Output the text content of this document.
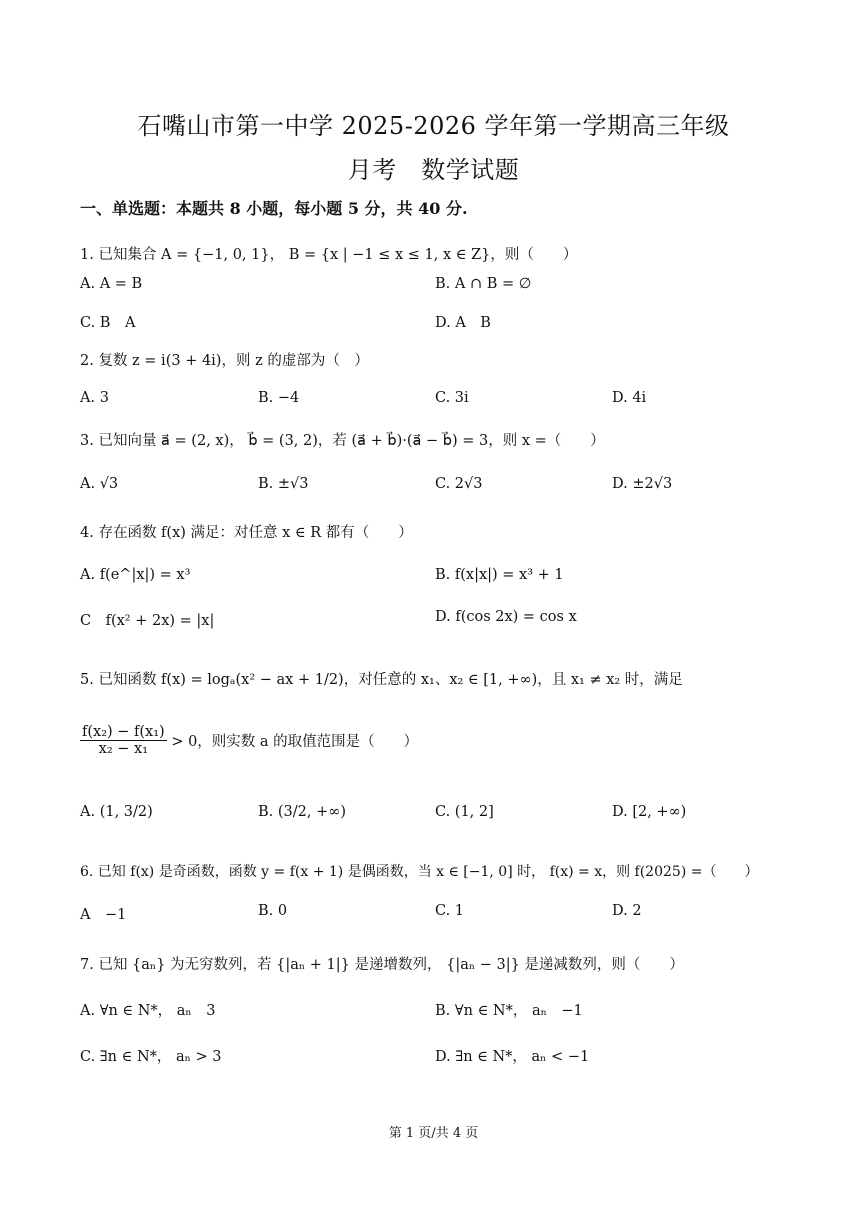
石嘴山市第一中学 2025-2026 学年第一学期高三年级
月考　数学试题
一、单选题：本题共 8 小题，每小题 5 分，共 40 分.
1. 已知集合 A = {−1, 0, 1}， B = {x | −1 ≤ x ≤ 1, x ∈ Z}，则（　　）
A. A = B	B. A ∩ B = ∅
C. B　A	D. A　B
2. 复数 z = i(3 + 4i)，则 z 的虚部为（　）
A. 3	B. −4	C. 3i	D. 4i
3. 已知向量 a⃗ = (2, x)， b⃗ = (3, 2)，若 (a⃗ + b⃗)·(a⃗ − b⃗) = 3，则 x =（　　）
A. √3	B. ±√3	C. 2√3	D. ±2√3
4. 存在函数 f(x) 满足：对任意 x ∈ R 都有（　　）
A. f(e^|x|) = x³	B. f(x|x|) = x³ + 1
C　f(x² + 2x) = |x|	D. f(cos 2x) = cos x
5. 已知函数 f(x) = logₐ(x² − ax + 1/2)，对任意的 x₁、x₂ ∈ [1, +∞)，且 x₁ ≠ x₂ 时，满足
$\frac{\text{f(x₂) − f(x₁)}}{\text{x₂ − x₁}} > 0$，则实数 a 的取值范围是（　　）
A. (1, 3/2)	B. (3/2, +∞)	C. (1, 2]	D. [2, +∞)
6. 已知 f(x) 是奇函数，函数 y = f(x + 1) 是偶函数，当 x ∈ [−1, 0] 时， f(x) = x，则 f(2025) =（　　）
A　−1	B. 0	C. 1	D. 2
7. 已知 {aₙ} 为无穷数列，若 {|aₙ + 1|} 是递增数列， {|aₙ − 3|} 是递减数列，则（　　）
A. ∀n ∈ N*， aₙ　3	B. ∀n ∈ N*， aₙ　−1
C. ∃n ∈ N*， aₙ > 3	D. ∃n ∈ N*， aₙ < −1
第 1 页/共 4 页
